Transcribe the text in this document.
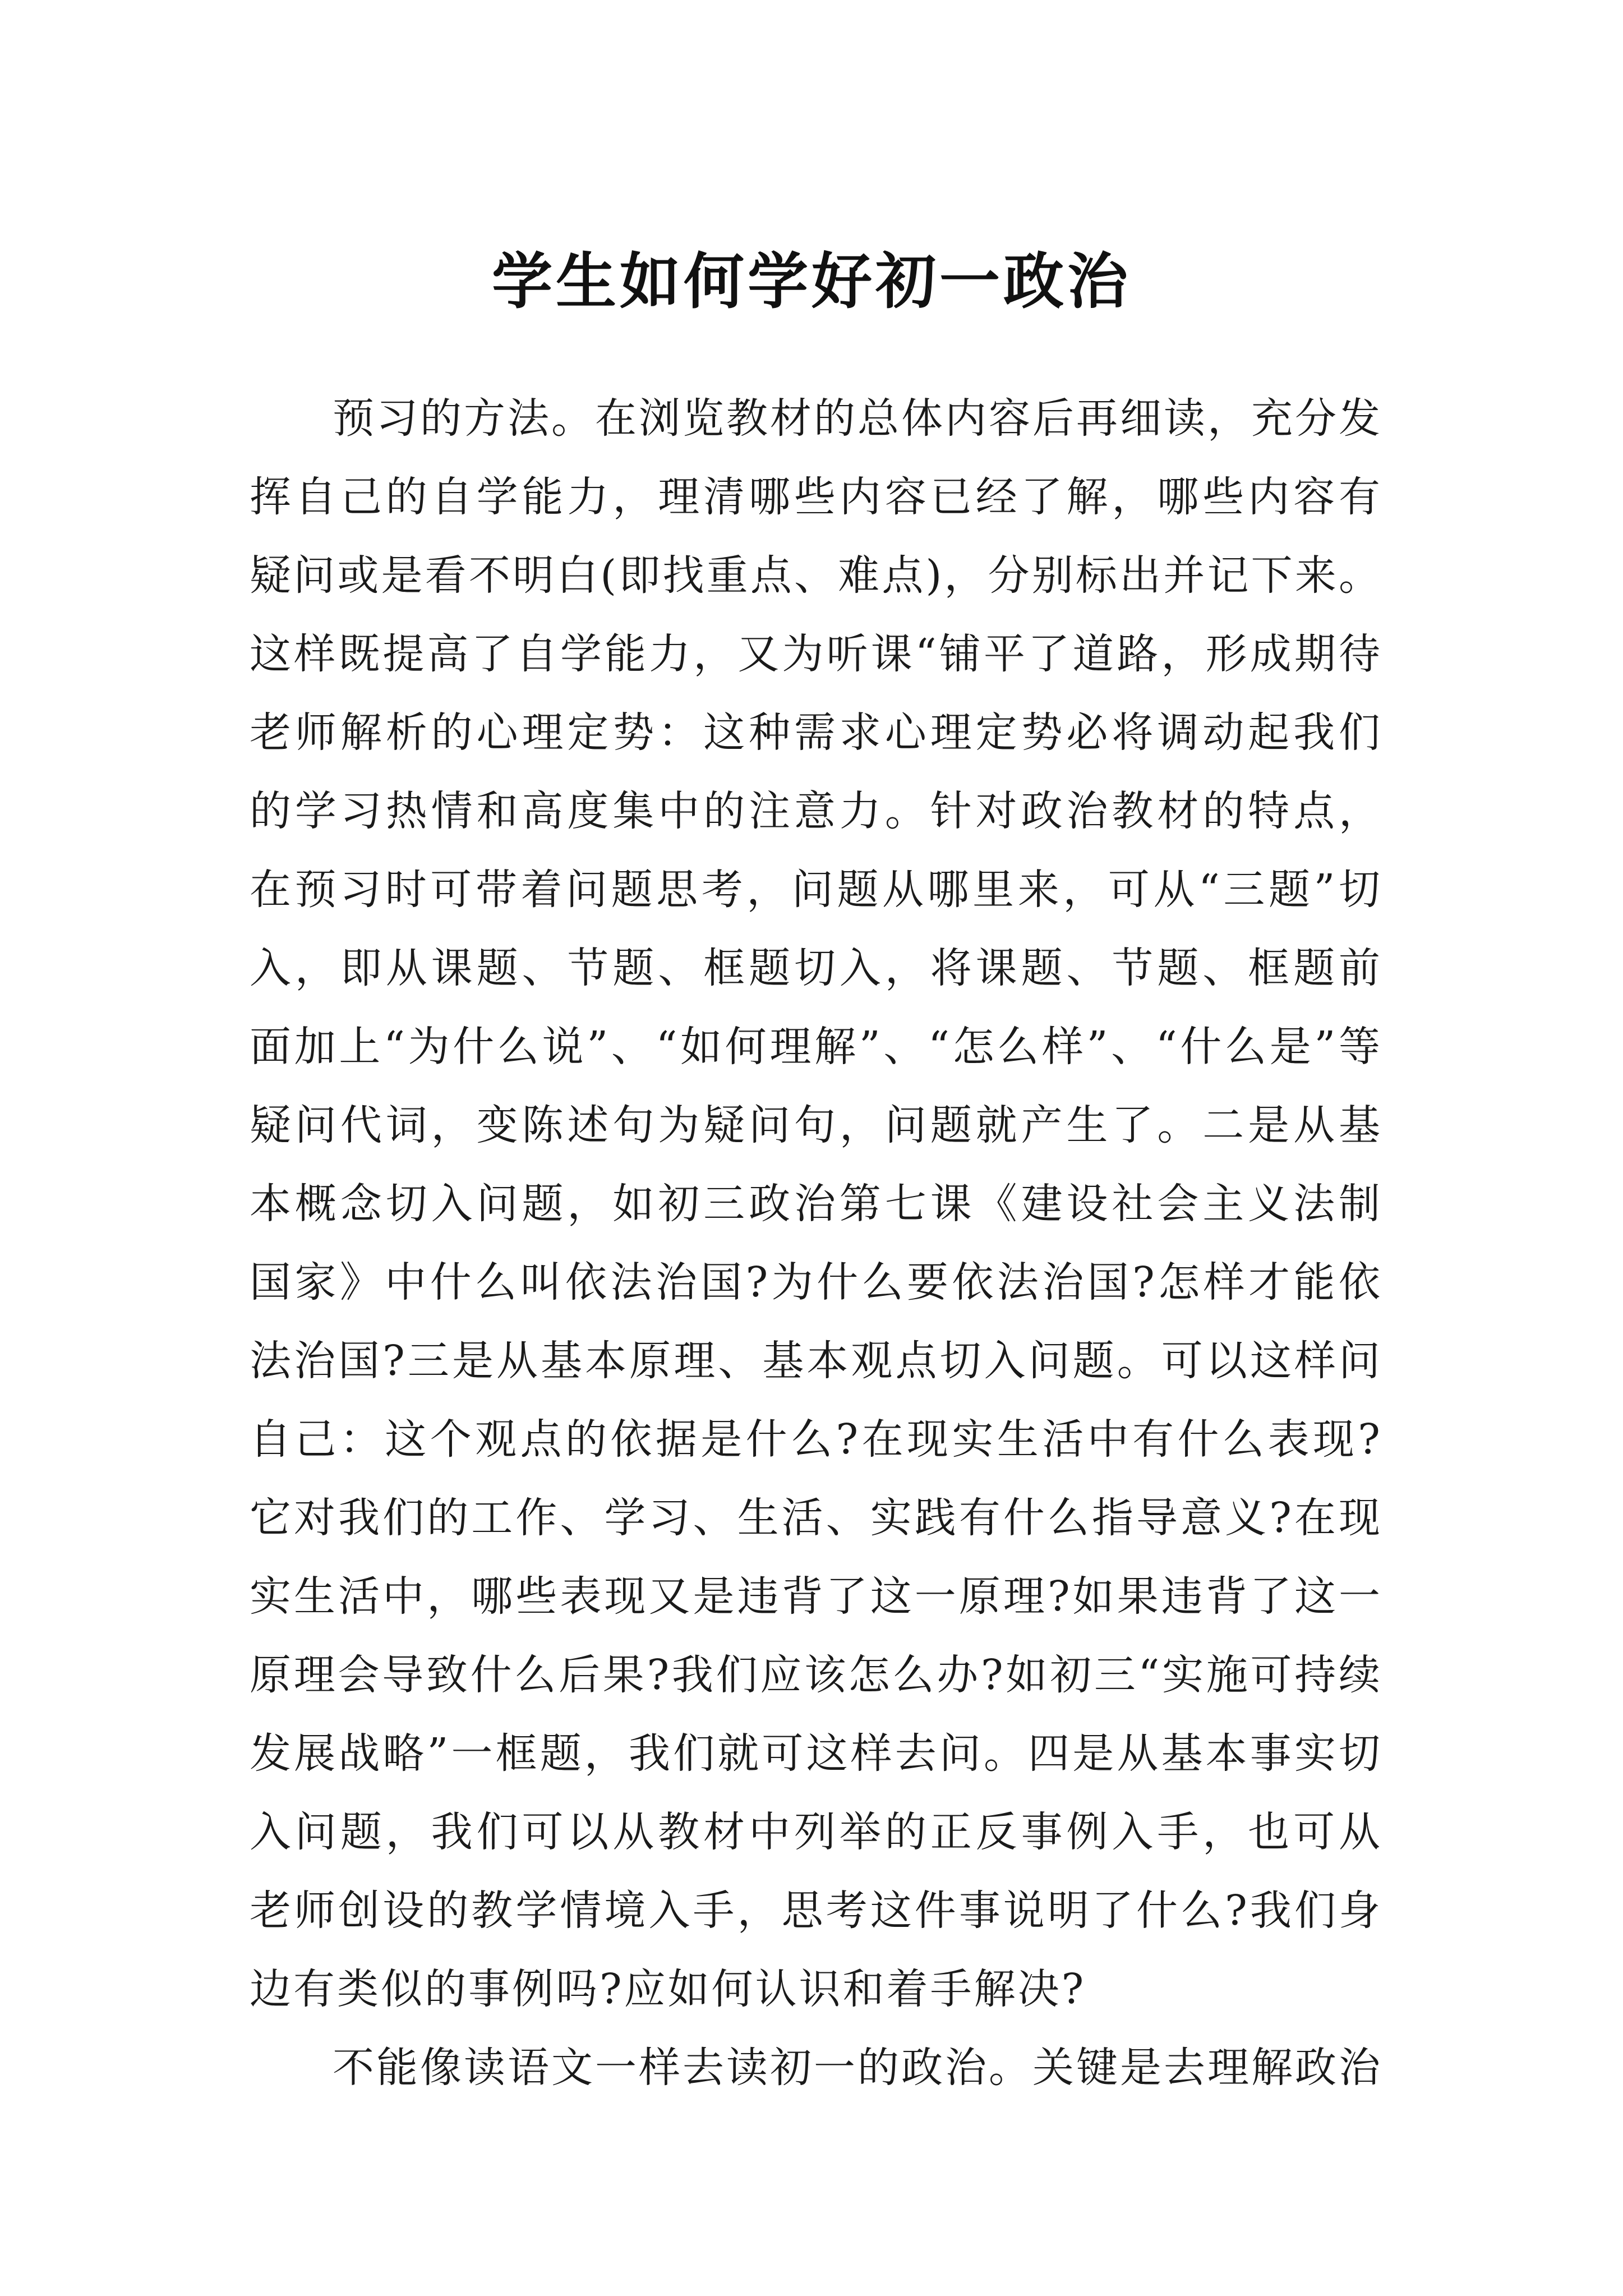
学生如何学好初一政治

预习的方法。在浏览教材的总体内容后再细读，充分发挥自己的自学能力，理清哪些内容已经了解，哪些内容有疑问或是看不明白(即找重点、难点)，分别标出并记下来。这样既提高了自学能力，又为听课“铺平了道路，形成期待老师解析的心理定势：这种需求心理定势必将调动起我们的学习热情和高度集中的注意力。针对政治教材的特点，在预习时可带着问题思考，问题从哪里来，可从“三题”切入，即从课题、节题、框题切入，将课题、节题、框题前面加上“为什么说”、“如何理解”、“怎么样”、“什么是”等疑问代词，变陈述句为疑问句，问题就产生了。二是从基本概念切入问题，如初三政治第七课《建设社会主义法制国家》中什么叫依法治国?为什么要依法治国?怎样才能依法治国?三是从基本原理、基本观点切入问题。可以这样问自己：这个观点的依据是什么?在现实生活中有什么表现?它对我们的工作、学习、生活、实践有什么指导意义?在现实生活中，哪些表现又是违背了这一原理?如果违背了这一原理会导致什么后果?我们应该怎么办?如初三“实施可持续发展战略”一框题，我们就可这样去问。四是从基本事实切入问题，我们可以从教材中列举的正反事例入手，也可从老师创设的教学情境入手，思考这件事说明了什么?我们身边有类似的事例吗?应如何认识和着手解决?

不能像读语文一样去读初一的政治。关键是去理解政治
